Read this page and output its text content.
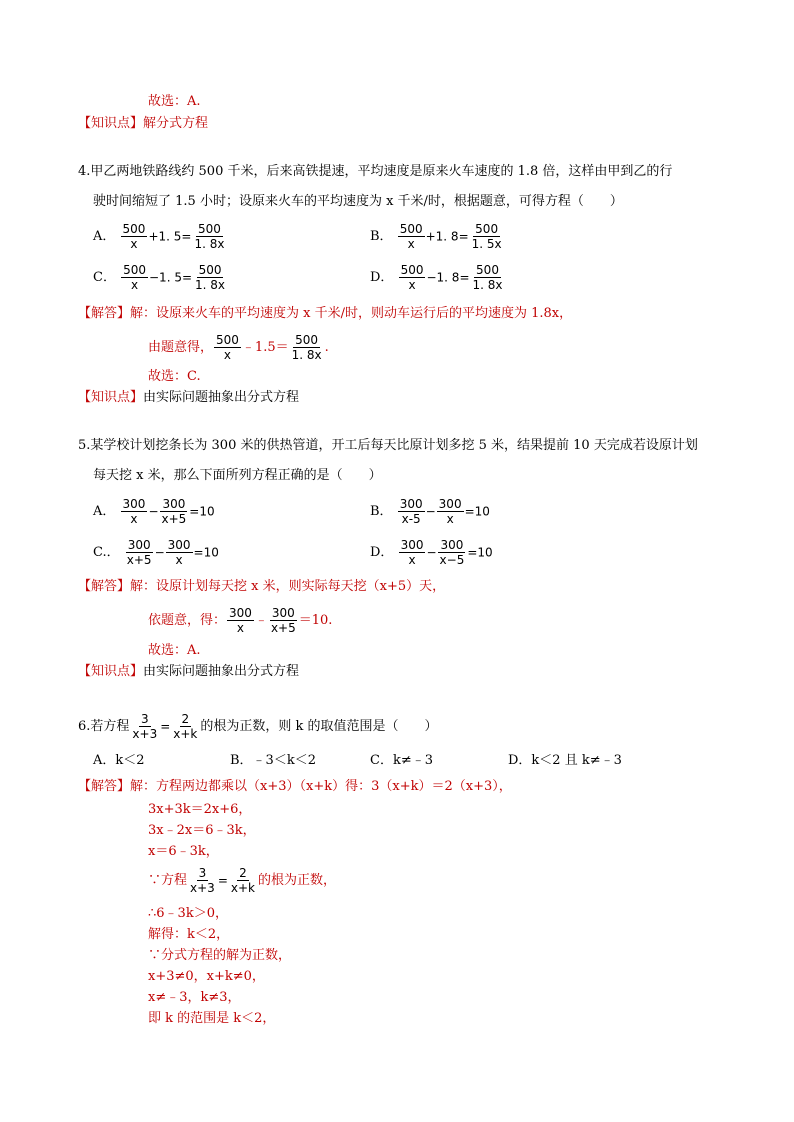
故选：A.
【知识点】解分式方程
4.甲乙两地铁路线约 500 千米，后来高铁提速，平均速度是原来火车速度的 1.8 倍，这样由甲到乙的行
驶时间缩短了 1.5 小时；设原来火车的平均速度为 x 千米/时，根据题意，可得方程（　　）
A． $\frac{500}{x} +1$. $5= \frac{500}{1. 8x}$	B． $\frac{500}{x} +1$. $8= \frac{500}{1. 5x}$
C． $\frac{500}{x} -1$. $5= \frac{500}{1. 8x}$	D． $\frac{500}{x} -1$. $8= \frac{500}{1. 8x}$
【解答】解：设原来火车的平均速度为 x 千米/时，则动车运行后的平均速度为 1.8x，
由题意得， $\frac{500}{x}$ ﹣1.5＝ $\frac{500}{1. 8x}$ .
故选：C.
【知识点】由实际问题抽象出分式方程
5.某学校计划挖条长为 300 米的供热管道，开工后每天比原计划多挖 5 米，结果提前 10 天完成若设原计划
每天挖 x 米，那么下面所列方程正确的是（　　）
A． $\frac{300}{x} - \frac{300}{x+5} =10$	B． $\frac{300}{x-5} - \frac{300}{x} =10$
C.． $\frac{300}{x+5} - \frac{300}{x} =10$	D． $\frac{300}{x} - \frac{300}{x-5} =10$
【解答】解：设原计划每天挖 x 米，则实际每天挖（x+5）天，
依题意，得： $\frac{300}{x}$ ﹣ $\frac{300}{x+5} =10$.
故选：A.
【知识点】由实际问题抽象出分式方程
6.若方程 $\frac{3}{x+3} = \frac{2}{x+k}$ 的根为正数，则 k 的取值范围是（　　）
A．k＜2	B．﹣3＜k＜2	C．k≠﹣3	D．k＜2 且 k≠﹣3
【解答】解：方程两边都乘以（x+3）（x+k）得：3（x+k）＝2（x+3），
3x+3k＝2x+6，
3x﹣2x＝6﹣3k，
x＝6﹣3k，
∵方程 $\frac{3}{x+3} = \frac{2}{x+k}$ 的根为正数，
∴6﹣3k＞0，
解得：k＜2，
∵分式方程的解为正数，
x+3≠0，x+k≠0，
x≠﹣3，k≠3，
即 k 的范围是 k＜2，
